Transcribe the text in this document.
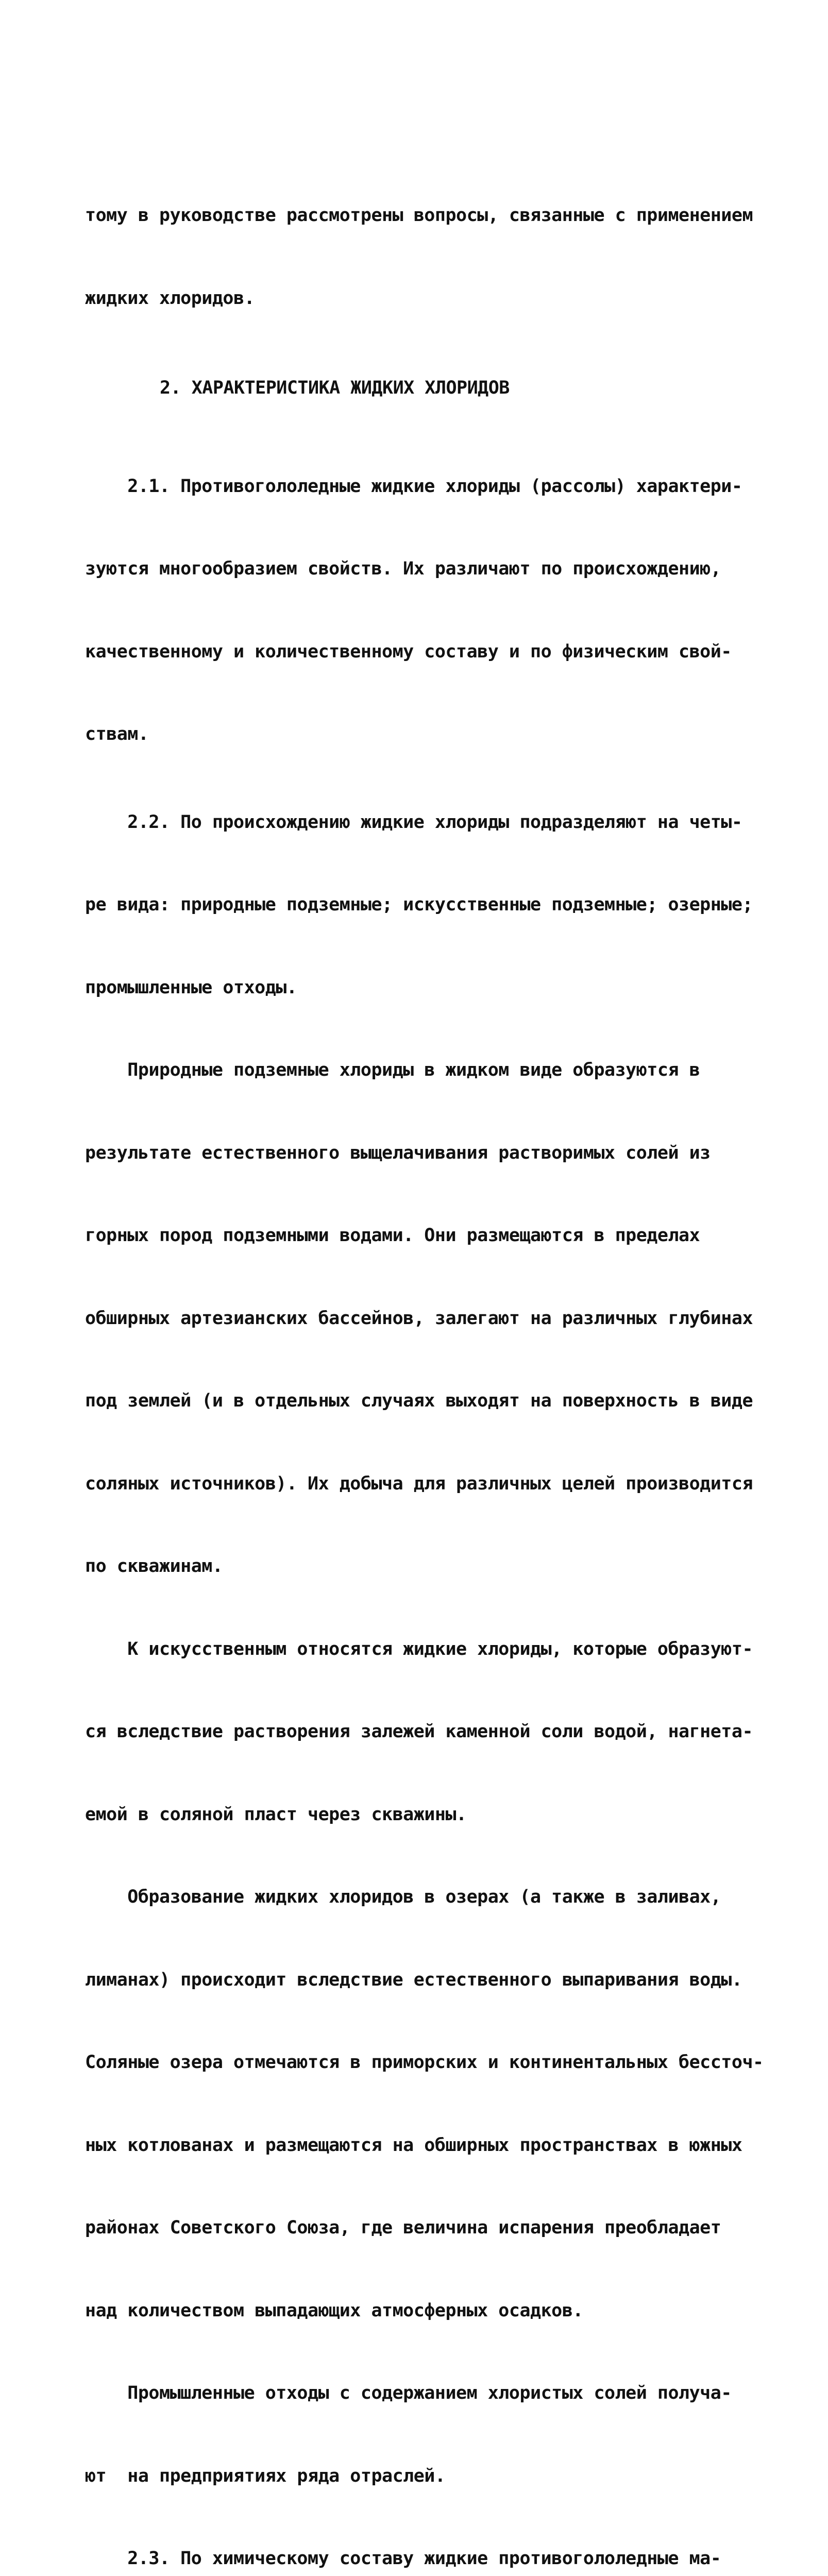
тому в руководстве рассмотрены вопросы, связанные с применением

жидких хлоридов.

2. ХАРАКТЕРИСТИКА ЖИДКИХ ХЛОРИДОВ

2.1. Противогололедные жидкие хлориды (рассолы) характери-

зуются многообразием свойств. Их различают по происхождению,

качественному и количественному составу и по физическим свой-

ствам.

2.2. По происхождению жидкие хлориды подразделяют на четы-

ре вида: природные подземные; искусственные подземные; озерные;

промышленные отходы.

Природные подземные хлориды в жидком виде образуются в

результате естественного выщелачивания растворимых солей из

горных пород подземными водами. Они размещаются в пределах

обширных артезианских бассейнов, залегают на различных глубинах

под землей (и в отдельных случаях выходят на поверхность в виде

соляных источников). Их добыча для различных целей производится

по скважинам.

К искусственным относятся жидкие хлориды, которые образуют-

ся вследствие растворения залежей каменной соли водой, нагнета-

емой в соляной пласт через скважины.

Образование жидких хлоридов в озерах (а также в заливах,

лиманах) происходит вследствие естественного выпаривания воды.

Соляные озера отмечаются в приморских и континентальных бессточ-

ных котлованах и размещаются на обширных пространствах в южных

районах Советского Союза, где величина испарения преобладает

над количеством выпадающих атмосферных осадков.

Промышленные отходы с содержанием хлористых солей получа-

ют  на предприятиях ряда отраслей.

2.3. По химическому составу жидкие противогололедные ма-
